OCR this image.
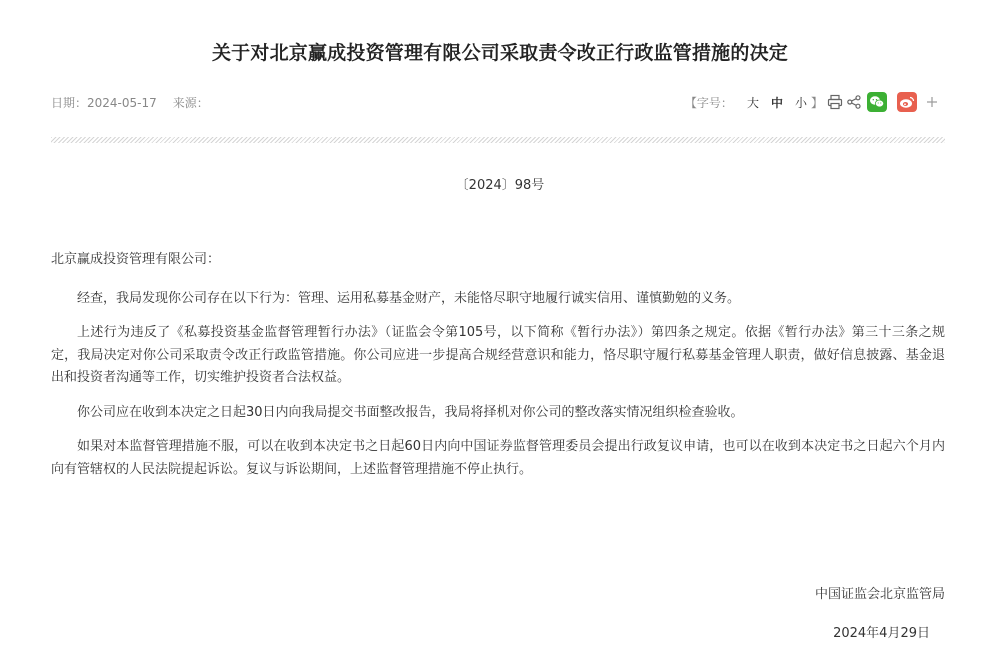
关于对北京赢成投资管理有限公司采取责令改正行政监管措施的决定
日期：2024-05-17 来源：	【字号： 大 中 小 】
〔2024〕98号

北京赢成投资管理有限公司：

经查，我局发现你公司存在以下行为：管理、运用私募基金财产，未能恪尽职守地履行诚实信用、谨慎勤勉的义务。

上述行为违反了《私募投资基金监督管理暂行办法》（证监会令第105号，以下简称《暂行办法》）第四条之规定。依据《暂行办法》第三十三条之规定，我局决定对你公司采取责令改正行政监管措施。你公司应进一步提高合规经营意识和能力，恪尽职守履行私募基金管理人职责，做好信息披露、基金退出和投资者沟通等工作，切实维护投资者合法权益。

你公司应在收到本决定之日起30日内向我局提交书面整改报告，我局将择机对你公司的整改落实情况组织检查验收。

如果对本监督管理措施不服，可以在收到本决定书之日起60日内向中国证券监督管理委员会提出行政复议申请，也可以在收到本决定书之日起六个月内向有管辖权的人民法院提起诉讼。复议与诉讼期间，上述监督管理措施不停止执行。

中国证监会北京监管局
2024年4月29日
